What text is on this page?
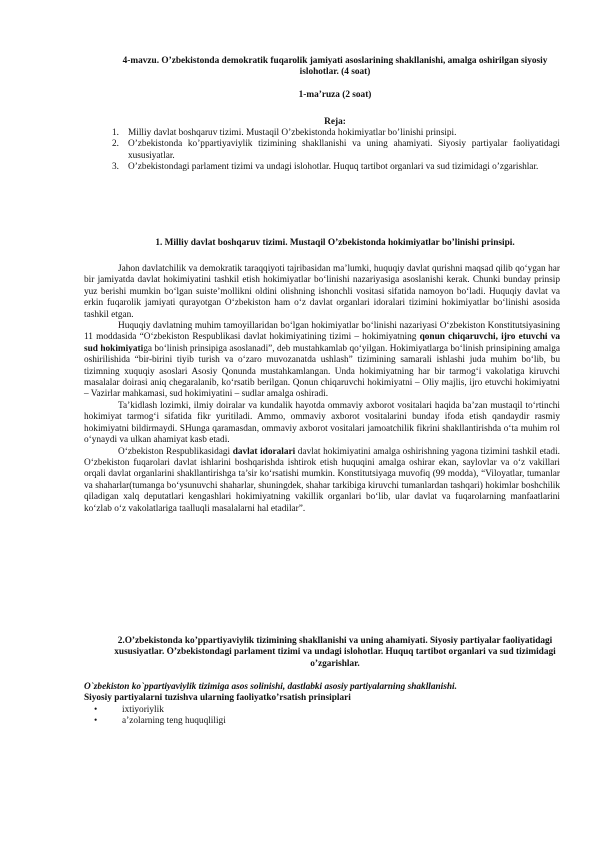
4-mavzu. O’zbekistonda demokratik fuqarolik jamiyati asoslarining shakllanishi, amalga oshirilgan siyosiy islohotlar. (4 soat)
1-ma’ruza (2 soat)
Reja:
1. Milliy davlat boshqaruv tizimi. Mustaqil O’zbekistonda hokimiyatlar bo’linishi prinsipi.
2. O’zbekistonda ko’ppartiyaviylik tizimining shakllanishi va uning ahamiyati. Siyosiy partiyalar faoliyatidagi xususiyatlar.
3. O’zbekistondagi parlament tizimi va undagi islohotlar. Huquq tartibot organlari va sud tizimidagi o’zgarishlar.
1. Milliy davlat boshqaruv tizimi. Mustaqil O’zbekistonda hokimiyatlar bo’linishi prinsipi.

Jahon davlatchilik va demokratik taraqqiyoti tajribasidan ma’lumki, huquqiy davlat qurishni maqsad qilib qo‘ygan har bir jamiyatda davlat hokimiyatini tashkil etish hokimiyatlar bo‘linishi nazariyasiga asoslanishi kerak. Chunki bunday prinsip yuz berishi mumkin bo‘lgan suiste’mollikni oldini olishning ishonchli vositasi sifatida namoyon bo‘ladi. Huquqiy davlat va erkin fuqarolik jamiyati qurayotgan O‘zbekiston ham o‘z davlat organlari idoralari tizimini hokimiyatlar bo‘linishi asosida tashkil etgan.

Huquqiy davlatning muhim tamoyillaridan bo‘lgan hokimiyatlar bo‘linishi nazariyasi O‘zbekiston Konstitutsiyasining 11 moddasida “O‘zbekiston Respublikasi davlat hokimiyatining tizimi – hokimiyatning qonun chiqaruvchi, ijro etuvchi va sud hokimiyatiga bo‘linish prinsipiga asoslanadi”, deb mustahkamlab qo‘yilgan. Hokimiyatlarga bo‘linish prinsipining amalga oshirilishida “bir-birini tiyib turish va o‘zaro muvozanatda ushlash” tizimining samarali ishlashi juda muhim bo‘lib, bu tizimning xuquqiy asoslari Asosiy Qonunda mustahkamlangan. Unda hokimiyatning har bir tarmog‘i vakolatiga kiruvchi masalalar doirasi aniq chegaralanib, ko‘rsatib berilgan. Qonun chiqaruvchi hokimiyatni – Oliy majlis, ijro etuvchi hokimiyatni – Vazirlar mahkamasi, sud hokimiyatini – sudlar amalga oshiradi.

Ta’kidlash lozimki, ilmiy doiralar va kundalik hayotda ommaviy axborot vositalari haqida ba’zan mustaqil to‘rtinchi hokimiyat tarmog‘i sifatida fikr yuritiladi. Ammo, ommaviy axborot vositalarini bunday ifoda etish qandaydir rasmiy hokimiyatni bildirmaydi. SHunga qaramasdan, ommaviy axborot vositalari jamoatchilik fikrini shakllantirishda o‘ta muhim rol o‘ynaydi va ulkan ahamiyat kasb etadi.

O‘zbekiston Respublikasidagi davlat idoralari davlat hokimiyatini amalga oshirishning yagona tizimini tashkil etadi. O‘zbekiston fuqarolari davlat ishlarini boshqarishda ishtirok etish huquqini amalga oshirar ekan, saylovlar va o‘z vakillari orqali davlat organlarini shakllantirishga ta’sir ko‘rsatishi mumkin. Konstitutsiyaga muvofiq (99 modda), “Viloyatlar, tumanlar va shaharlar(tumanga bo‘ysunuvchi shaharlar, shuningdek, shahar tarkibiga kiruvchi tumanlardan tashqari) hokimlar boshchilik qiladigan xalq deputatlari kengashlari hokimiyatning vakillik organlari bo‘lib, ular davlat va fuqarolarning manfaatlarini ko‘zlab o‘z vakolatlariga taalluqli masalalarni hal etadilar”.

2.O’zbekistonda ko’ppartiyaviylik tizimining shakllanishi va uning ahamiyati. Siyosiy partiyalar faoliyatidagi xususiyatlar. O’zbekistondagi parlament tizimi va undagi islohotlar. Huquq tartibot organlari va sud tizimidagi o’zgarishlar.

O`zbekiston ko`ppartiyaviylik tizimiga asos solinishi, dastlabki asosiy partiyalarning shakllanishi.

Siyosiy partiyalarni tuzishva ularning faoliyatko’rsatish prinsiplari

•	ixtiyoriylik
•	a’zolarning teng huquqliligi
